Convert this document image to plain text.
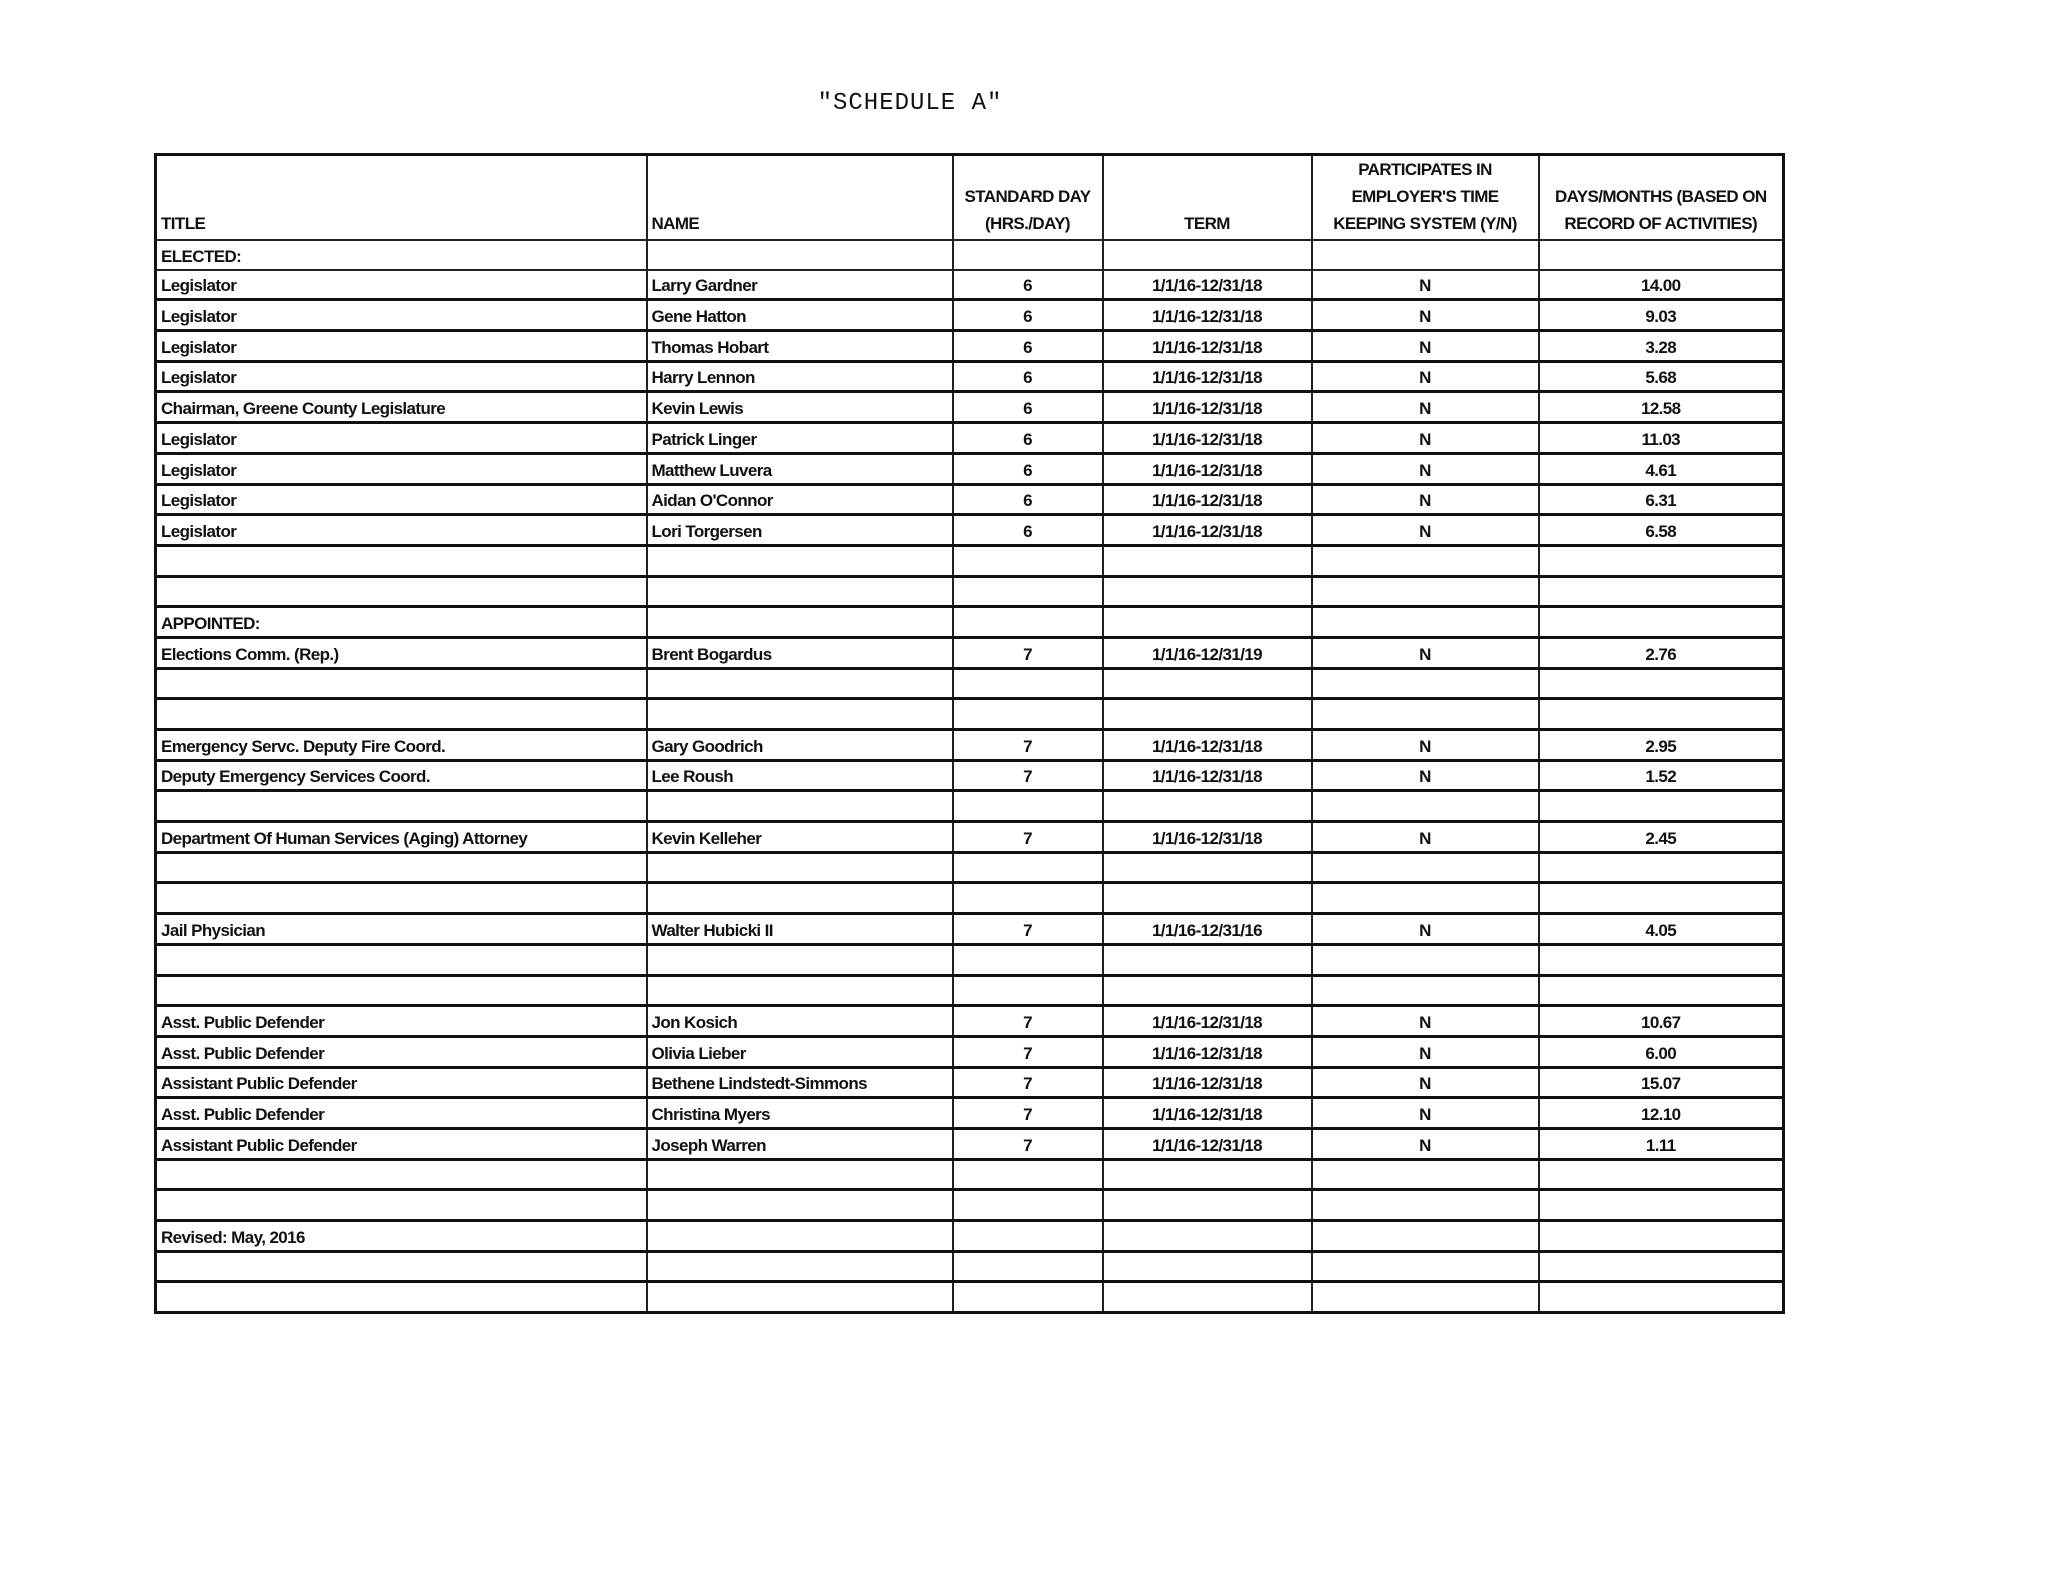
"SCHEDULE A"
TITLE	NAME	STANDARD DAY (HRS./DAY)	TERM	PARTICIPATES IN EMPLOYER'S TIME KEEPING SYSTEM (Y/N)	DAYS/MONTHS (BASED ON RECORD OF ACTIVITIES)
ELECTED:					
Legislator	Larry Gardner	6	1/1/16-12/31/18	N	14.00
Legislator	Gene Hatton	6	1/1/16-12/31/18	N	9.03
Legislator	Thomas Hobart	6	1/1/16-12/31/18	N	3.28
Legislator	Harry Lennon	6	1/1/16-12/31/18	N	5.68
Chairman, Greene County Legislature	Kevin Lewis	6	1/1/16-12/31/18	N	12.58
Legislator	Patrick Linger	6	1/1/16-12/31/18	N	11.03
Legislator	Matthew Luvera	6	1/1/16-12/31/18	N	4.61
Legislator	Aidan O'Connor	6	1/1/16-12/31/18	N	6.31
Legislator	Lori Torgersen	6	1/1/16-12/31/18	N	6.58

APPOINTED:					
Elections Comm. (Rep.)	Brent Bogardus	7	1/1/16-12/31/19	N	2.76

Emergency Servc. Deputy Fire Coord.	Gary Goodrich	7	1/1/16-12/31/18	N	2.95
Deputy Emergency Services Coord.	Lee Roush	7	1/1/16-12/31/18	N	1.52

Department Of Human Services (Aging) Attorney	Kevin Kelleher	7	1/1/16-12/31/18	N	2.45

Jail Physician	Walter Hubicki II	7	1/1/16-12/31/16	N	4.05

Asst. Public Defender	Jon Kosich	7	1/1/16-12/31/18	N	10.67
Asst. Public Defender	Olivia Lieber	7	1/1/16-12/31/18	N	6.00
Assistant Public Defender	Bethene Lindstedt-Simmons	7	1/1/16-12/31/18	N	15.07
Asst. Public Defender	Christina Myers	7	1/1/16-12/31/18	N	12.10
Assistant Public Defender	Joseph Warren	7	1/1/16-12/31/18	N	1.11

Revised: May, 2016					
